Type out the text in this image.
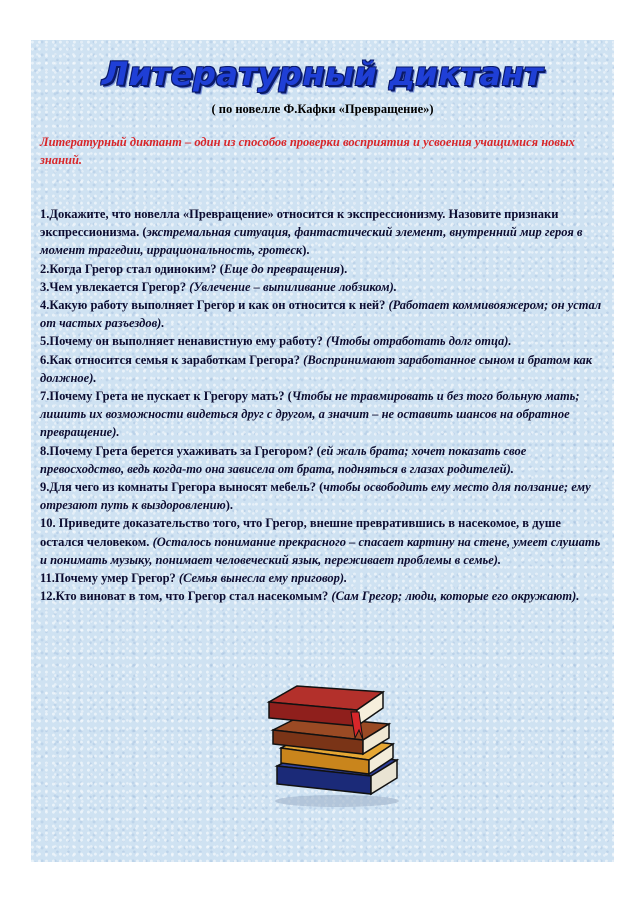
Литературный диктант
( по новелле Ф.Кафки «Превращение»)
Литературный диктант – один из способов проверки восприятия и усвоения учащимися новых знаний.

1.Докажите, что новелла «Превращение» относится к экспрессионизму. Назовите признаки экспрессионизма. (экстремальная ситуация, фантастический элемент, внутренний мир героя в момент трагедии, иррациональность, гротеск).

2.Когда Грегор стал одиноким? (Еще до превращения).

3.Чем увлекается Грегор? (Увлечение – выпиливание лобзиком).

4.Какую работу выполняет Грегор и как он относится к ней? (Работает коммивояжером; он устал от частых разъездов).

5.Почему он выполняет ненавистную ему работу? (Чтобы отработать долг отца).

6.Как относится семья к заработкам Грегора? (Воспринимают заработанное сыном и братом как должное).

7.Почему Грета не пускает к Грегору мать? (Чтобы не травмировать и без того больную мать; лишить их возможности видеться друг с другом, а значит – не оставить шансов на обратное превращение).

8.Почему Грета берется ухаживать за Грегором? (ей жаль брата; хочет показать свое превосходство, ведь когда-то она зависела от брата, подняться в глазах родителей).

9.Для чего из комнаты Грегора выносят мебель? (чтобы освободить ему место для ползание; ему отрезают путь к выздоровлению).

10. Приведите доказательство того, что Грегор, внешне превратившись в насекомое, в душе остался человеком. (Осталось понимание прекрасного – спасает картину на стене, умеет слушать и понимать музыку, понимает человеческий язык, переживает проблемы в семье).

11.Почему умер Грегор? (Семья вынесла ему приговор).

12.Кто виноват в том, что Грегор стал насекомым? (Сам Грегор; люди, которые его окружают).
